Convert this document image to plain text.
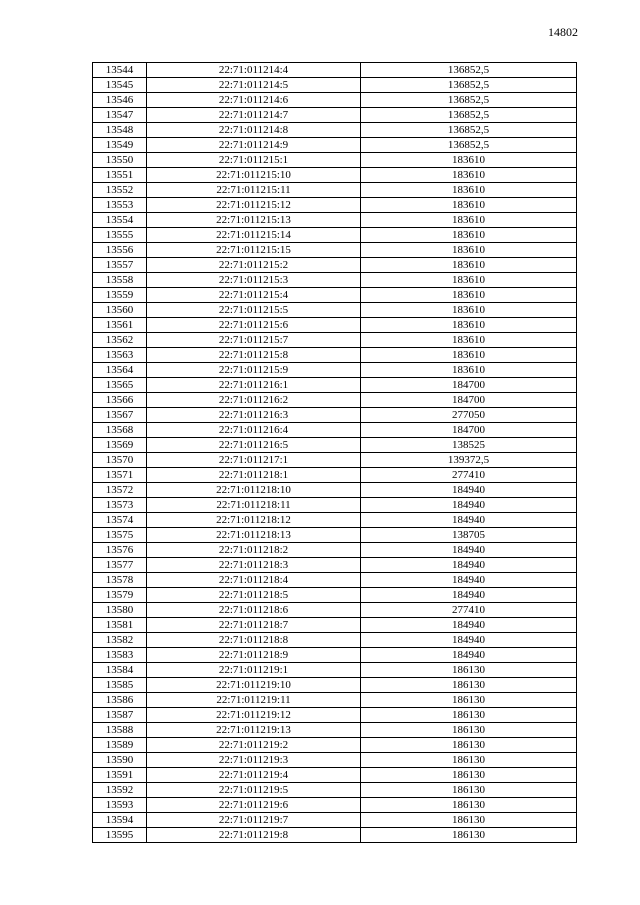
14802
13544	22:71:011214:4	136852,5
13545	22:71:011214:5	136852,5
13546	22:71:011214:6	136852,5
13547	22:71:011214:7	136852,5
13548	22:71:011214:8	136852,5
13549	22:71:011214:9	136852,5
13550	22:71:011215:1	183610
13551	22:71:011215:10	183610
13552	22:71:011215:11	183610
13553	22:71:011215:12	183610
13554	22:71:011215:13	183610
13555	22:71:011215:14	183610
13556	22:71:011215:15	183610
13557	22:71:011215:2	183610
13558	22:71:011215:3	183610
13559	22:71:011215:4	183610
13560	22:71:011215:5	183610
13561	22:71:011215:6	183610
13562	22:71:011215:7	183610
13563	22:71:011215:8	183610
13564	22:71:011215:9	183610
13565	22:71:011216:1	184700
13566	22:71:011216:2	184700
13567	22:71:011216:3	277050
13568	22:71:011216:4	184700
13569	22:71:011216:5	138525
13570	22:71:011217:1	139372,5
13571	22:71:011218:1	277410
13572	22:71:011218:10	184940
13573	22:71:011218:11	184940
13574	22:71:011218:12	184940
13575	22:71:011218:13	138705
13576	22:71:011218:2	184940
13577	22:71:011218:3	184940
13578	22:71:011218:4	184940
13579	22:71:011218:5	184940
13580	22:71:011218:6	277410
13581	22:71:011218:7	184940
13582	22:71:011218:8	184940
13583	22:71:011218:9	184940
13584	22:71:011219:1	186130
13585	22:71:011219:10	186130
13586	22:71:011219:11	186130
13587	22:71:011219:12	186130
13588	22:71:011219:13	186130
13589	22:71:011219:2	186130
13590	22:71:011219:3	186130
13591	22:71:011219:4	186130
13592	22:71:011219:5	186130
13593	22:71:011219:6	186130
13594	22:71:011219:7	186130
13595	22:71:011219:8	186130
